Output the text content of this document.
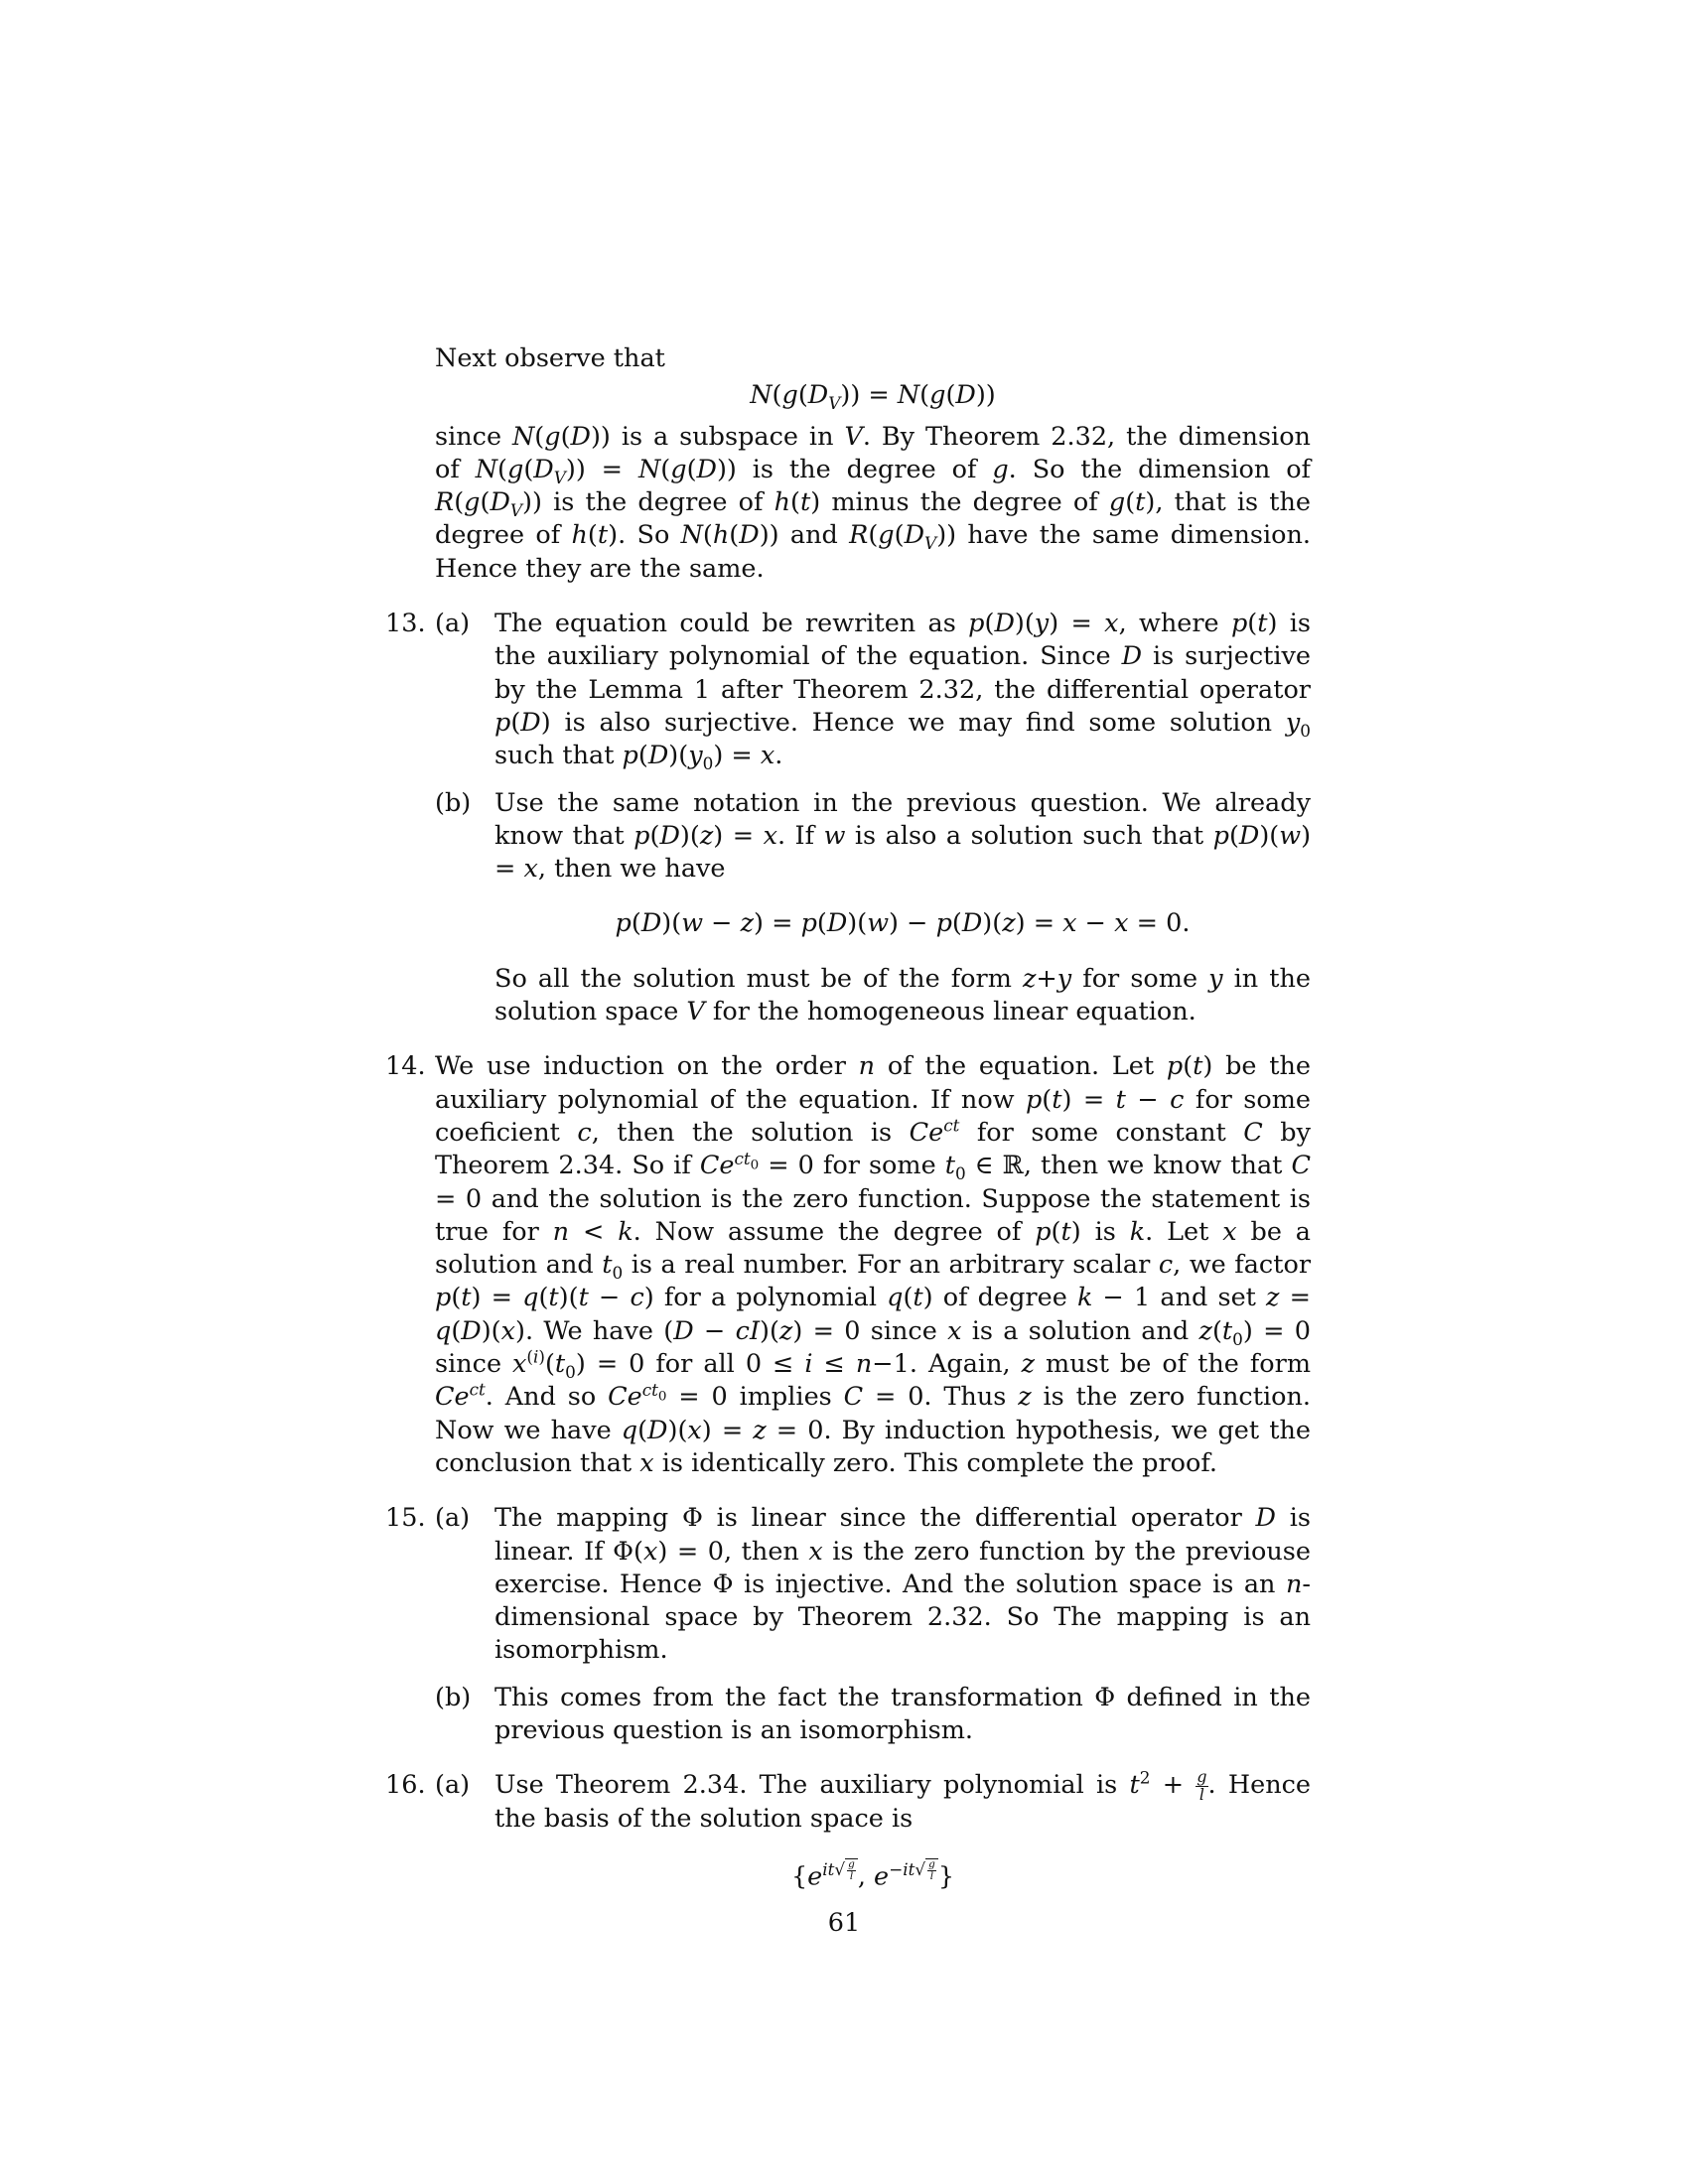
Next observe that

$N(g(D_V)) = N(g(D))$

since N(g(D)) is a subspace in V. By Theorem 2.32, the dimension of $N(g(D_V)) = N(g(D))$ is the degree of g. So the dimension of $R(g(D_V))$ is the degree of h(t) minus the degree of g(t), that is the degree of h(t). So N(h(D)) and $R(g(D_V))$ have the same dimension. Hence they are the same.

13. (a) The equation could be rewriten as p(D)(y) = x, where p(t) is the auxiliary polynomial of the equation. Since D is surjective by the Lemma 1 after Theorem 2.32, the differential operator p(D) is also surjective. Hence we may find some solution $y_0$ such that $p(D)(y_0) = x$.
(b) Use the same notation in the previous question. We already know that p(D)(z) = x. If w is also a solution such that p(D)(w) = x, then we have
p(D)(w − z) = p(D)(w) − p(D)(z) = x − x = 0.
So all the solution must be of the form z+y for some y in the solution space V for the homogeneous linear equation.
14. We use induction on the order n of the equation. Let p(t) be the auxiliary polynomial of the equation. If now p(t) = t − c for some coeficient c, then the solution is $Ce^{ct}$ for some constant C by Theorem 2.34. So if $Ce^{ct_0} = 0$ for some $t_0$ ∈ ℝ, then we know that C = 0 and the solution is the zero function. Suppose the statement is true for n < k. Now assume the degree of p(t) is k. Let x be a solution and $t_0$ is a real number. For an arbitrary scalar c, we factor p(t) = q(t)(t − c) for a polynomial q(t) of degree k − 1 and set z = q(D)(x). We have (D − cI)(z) = 0 since x is a solution and $z(t_0) = 0$ since $x^{(i)}(t_0) = 0$ for all 0 ≤ i ≤ n−1. Again, z must be of the form $Ce^{ct}$. And so $Ce^{ct_0} = 0$ implies C = 0. Thus z is the zero function. Now we have q(D)(x) = z = 0. By induction hypothesis, we get the conclusion that x is identically zero. This complete the proof.
15. (a) The mapping Φ is linear since the differential operator D is linear. If Φ(x) = 0, then x is the zero function by the previouse exercise. Hence Φ is injective. And the solution space is an n-dimensional space by Theorem 2.32. So The mapping is an isomorphism.
(b) This comes from the fact the transformation Φ defined in the previous question is an isomorphism.
16. (a) Use Theorem 2.34. The auxiliary polynomial is $t^2 + \frac{g}{l}$ . Hence the basis of the solution space is
{$e^{it√ \frac{g}{l}}$ , $e^{-it√ \frac{g}{l}}$ }
61
